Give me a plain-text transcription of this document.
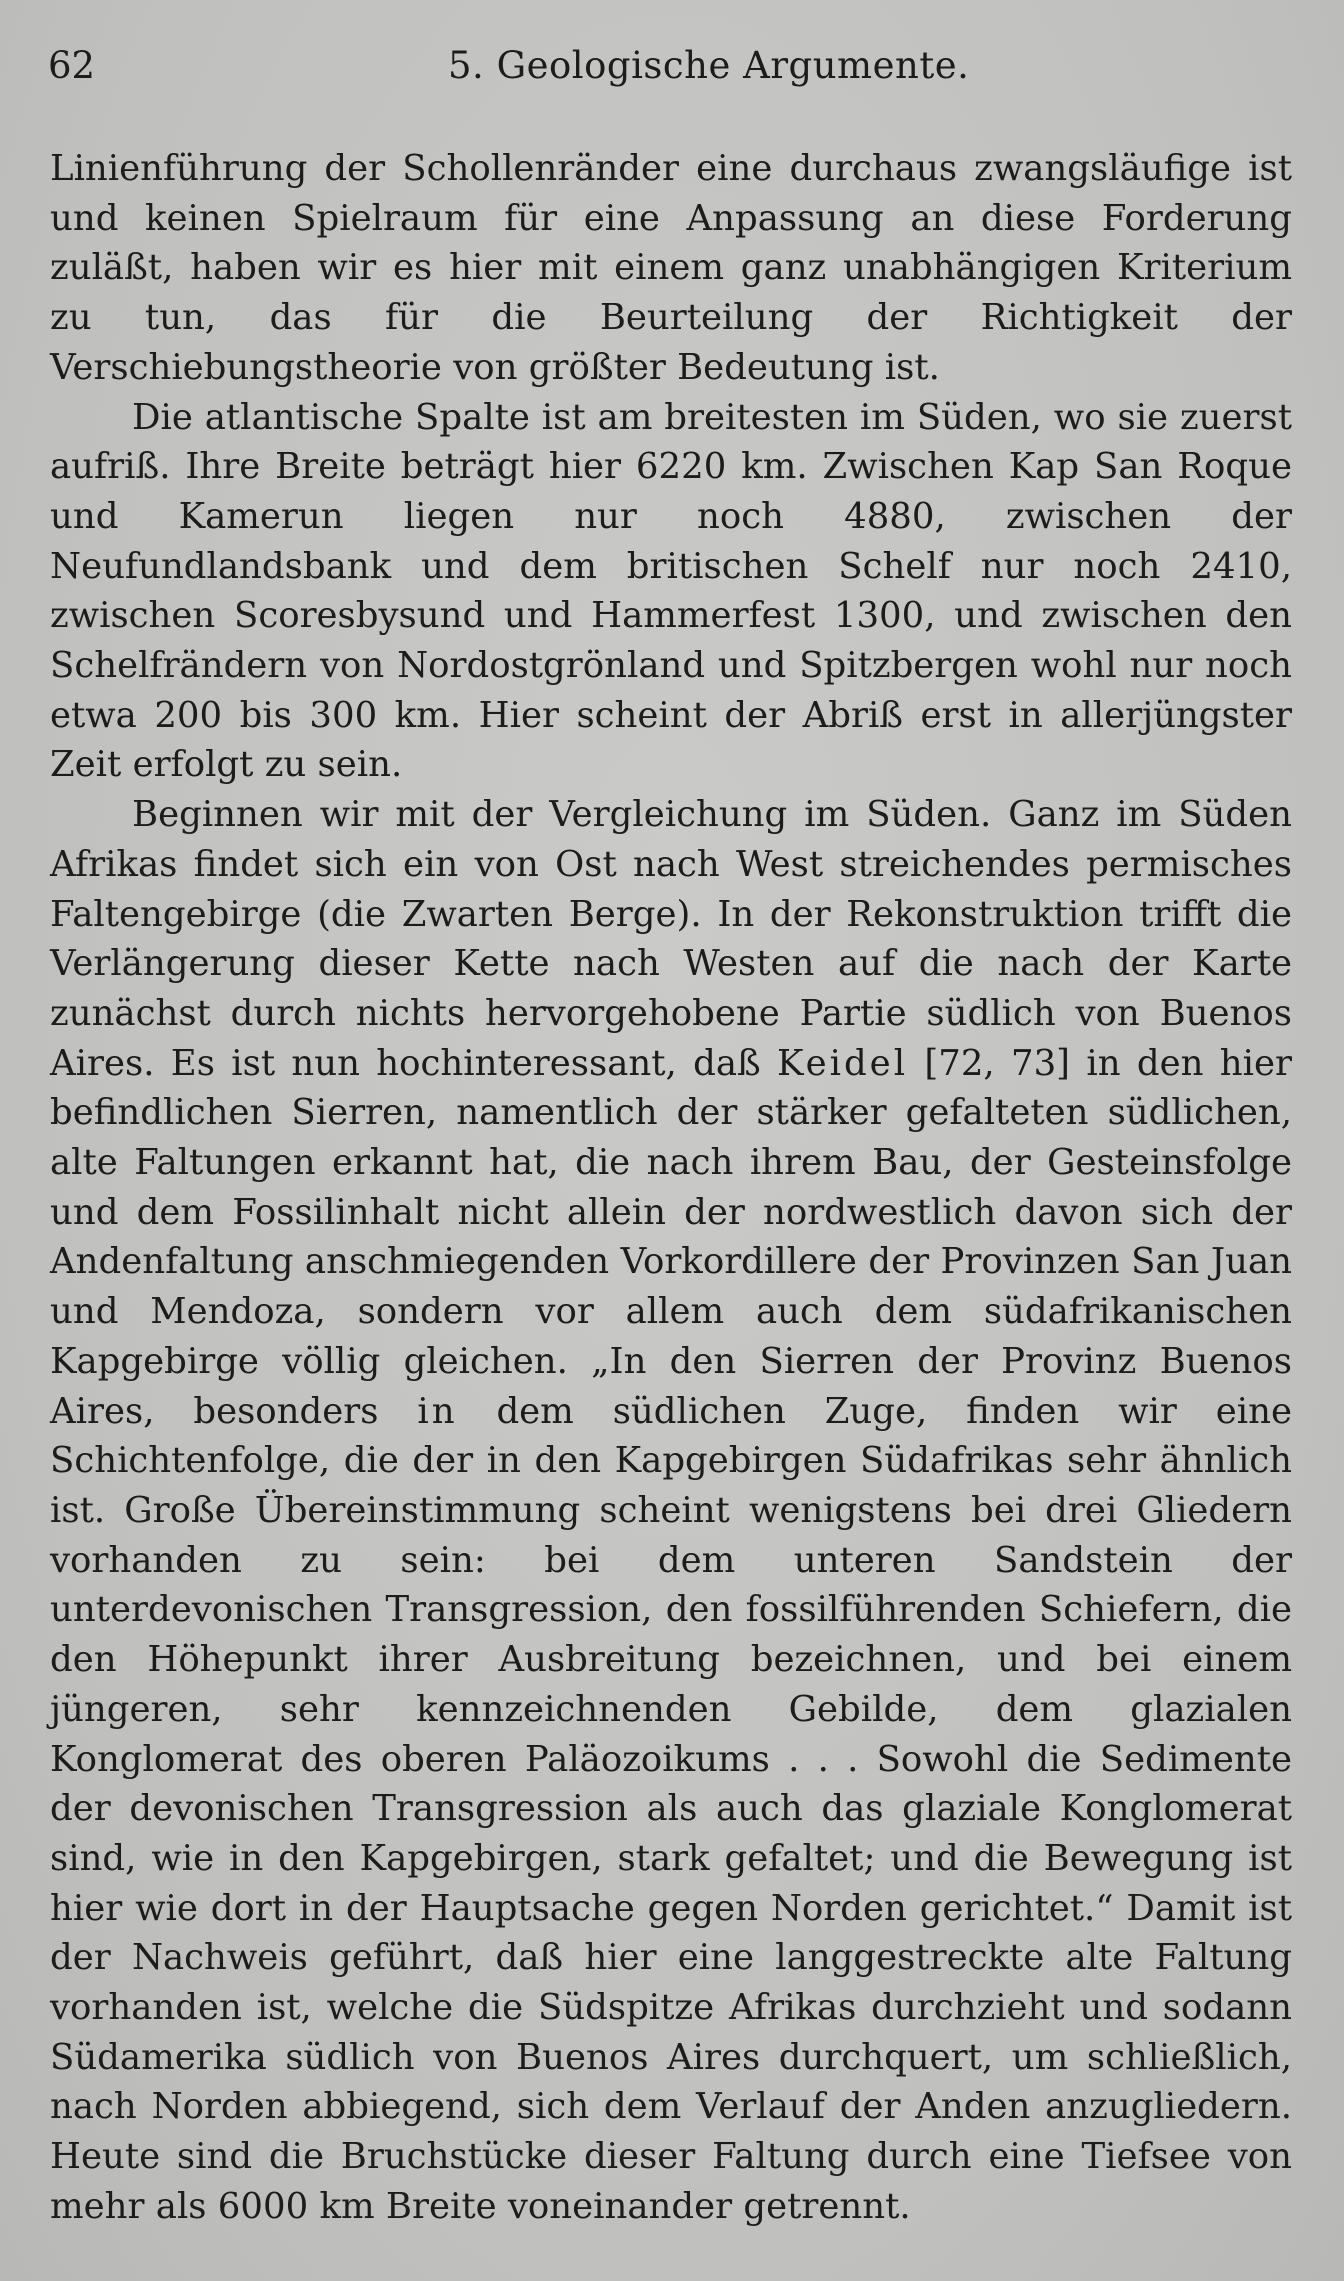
62	5. Geologische Argumente.

Linienführung der Schollenränder eine durchaus zwangsläufige ist und keinen Spielraum für eine Anpassung an diese Forderung zuläßt, haben wir es hier mit einem ganz unabhängigen Kriterium zu tun, das für die Beurteilung der Richtigkeit der Verschiebungstheorie von größter Bedeutung ist.

Die atlantische Spalte ist am breitesten im Süden, wo sie zuerst aufriß. Ihre Breite beträgt hier 6220 km. Zwischen Kap San Roque und Kamerun liegen nur noch 4880, zwischen der Neufundlandsbank und dem britischen Schelf nur noch 2410, zwischen Scoresbysund und Hammerfest 1300, und zwischen den Schelfrändern von Nordostgrönland und Spitzbergen wohl nur noch etwa 200 bis 300 km. Hier scheint der Abriß erst in allerjüngster Zeit erfolgt zu sein.

Beginnen wir mit der Vergleichung im Süden. Ganz im Süden Afrikas findet sich ein von Ost nach West streichendes permisches Faltengebirge (die Zwarten Berge). In der Rekonstruktion trifft die Verlängerung dieser Kette nach Westen auf die nach der Karte zunächst durch nichts hervorgehobene Partie südlich von Buenos Aires. Es ist nun hochinteressant, daß Keidel [72, 73] in den hier befindlichen Sierren, namentlich der stärker gefalteten südlichen, alte Faltungen erkannt hat, die nach ihrem Bau, der Gesteinsfolge und dem Fossilinhalt nicht allein der nordwestlich davon sich der Andenfaltung anschmiegenden Vorkordillere der Provinzen San Juan und Mendoza, sondern vor allem auch dem südafrikanischen Kapgebirge völlig gleichen. „In den Sierren der Provinz Buenos Aires, besonders in dem südlichen Zuge, finden wir eine Schichtenfolge, die der in den Kapgebirgen Südafrikas sehr ähnlich ist. Große Übereinstimmung scheint wenigstens bei drei Gliedern vorhanden zu sein: bei dem unteren Sandstein der unterdevonischen Transgression, den fossilführenden Schiefern, die den Höhepunkt ihrer Ausbreitung bezeichnen, und bei einem jüngeren, sehr kennzeichnenden Gebilde, dem glazialen Konglomerat des oberen Paläozoikums . . . Sowohl die Sedimente der devonischen Transgression als auch das glaziale Konglomerat sind, wie in den Kapgebirgen, stark gefaltet; und die Bewegung ist hier wie dort in der Hauptsache gegen Norden gerichtet.“ Damit ist der Nachweis geführt, daß hier eine langgestreckte alte Faltung vorhanden ist, welche die Südspitze Afrikas durchzieht und sodann Südamerika südlich von Buenos Aires durchquert, um schließlich, nach Norden abbiegend, sich dem Verlauf der Anden anzugliedern. Heute sind die Bruchstücke dieser Faltung durch eine Tiefsee von mehr als 6000 km Breite voneinander getrennt.
